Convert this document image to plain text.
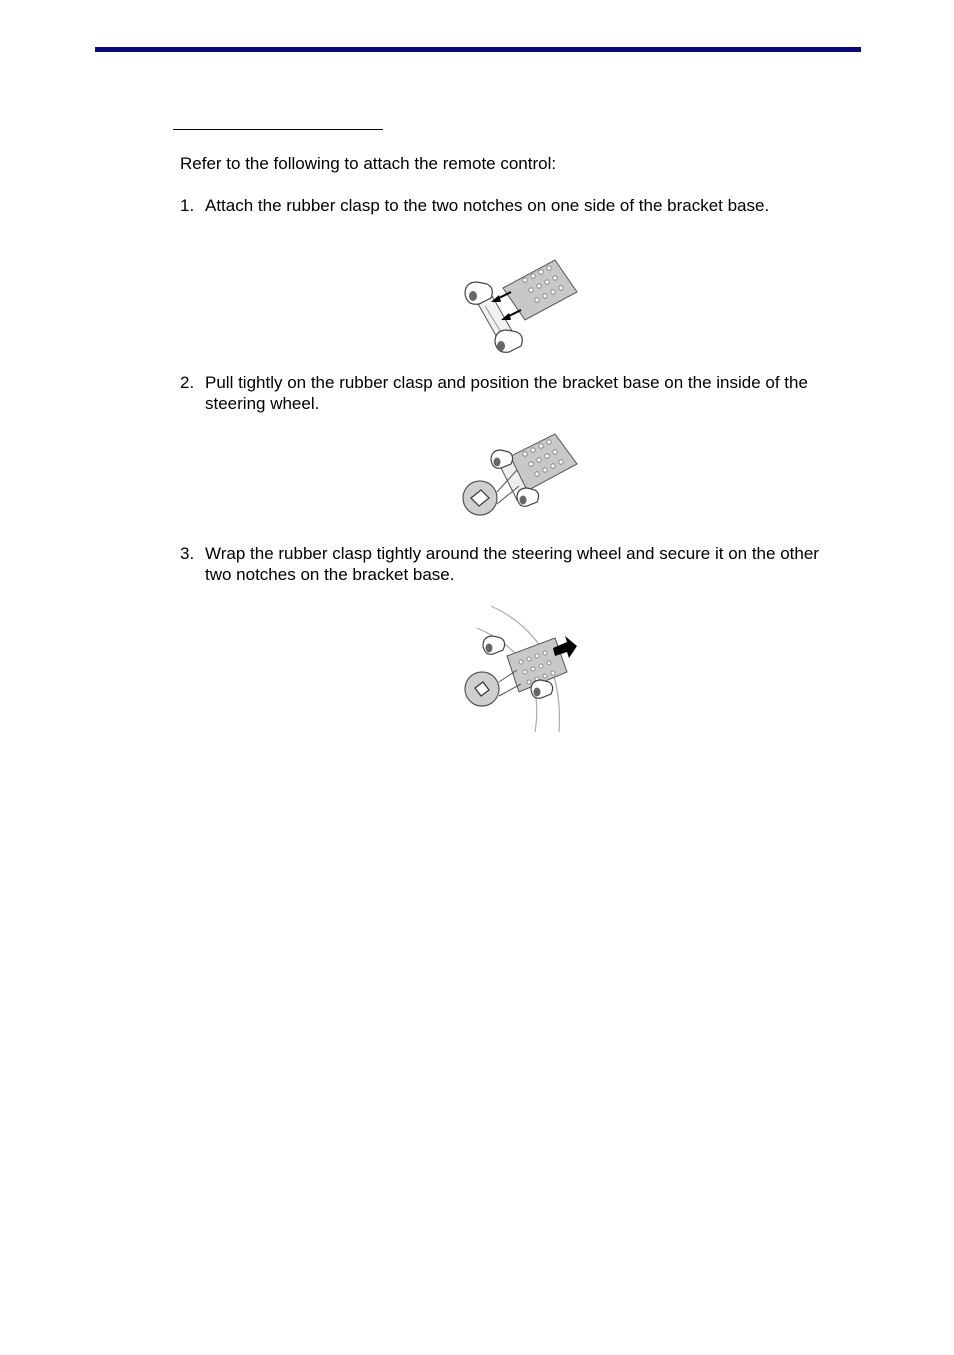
Refer to the following to attach the remote control:
1. Attach the rubber clasp to the two notches on one side of the bracket base.
2. Pull tightly on the rubber clasp and position the bracket base on the inside of the steering wheel.
3. Wrap the rubber clasp tightly around the steering wheel and secure it on the other two notches on the bracket base.
